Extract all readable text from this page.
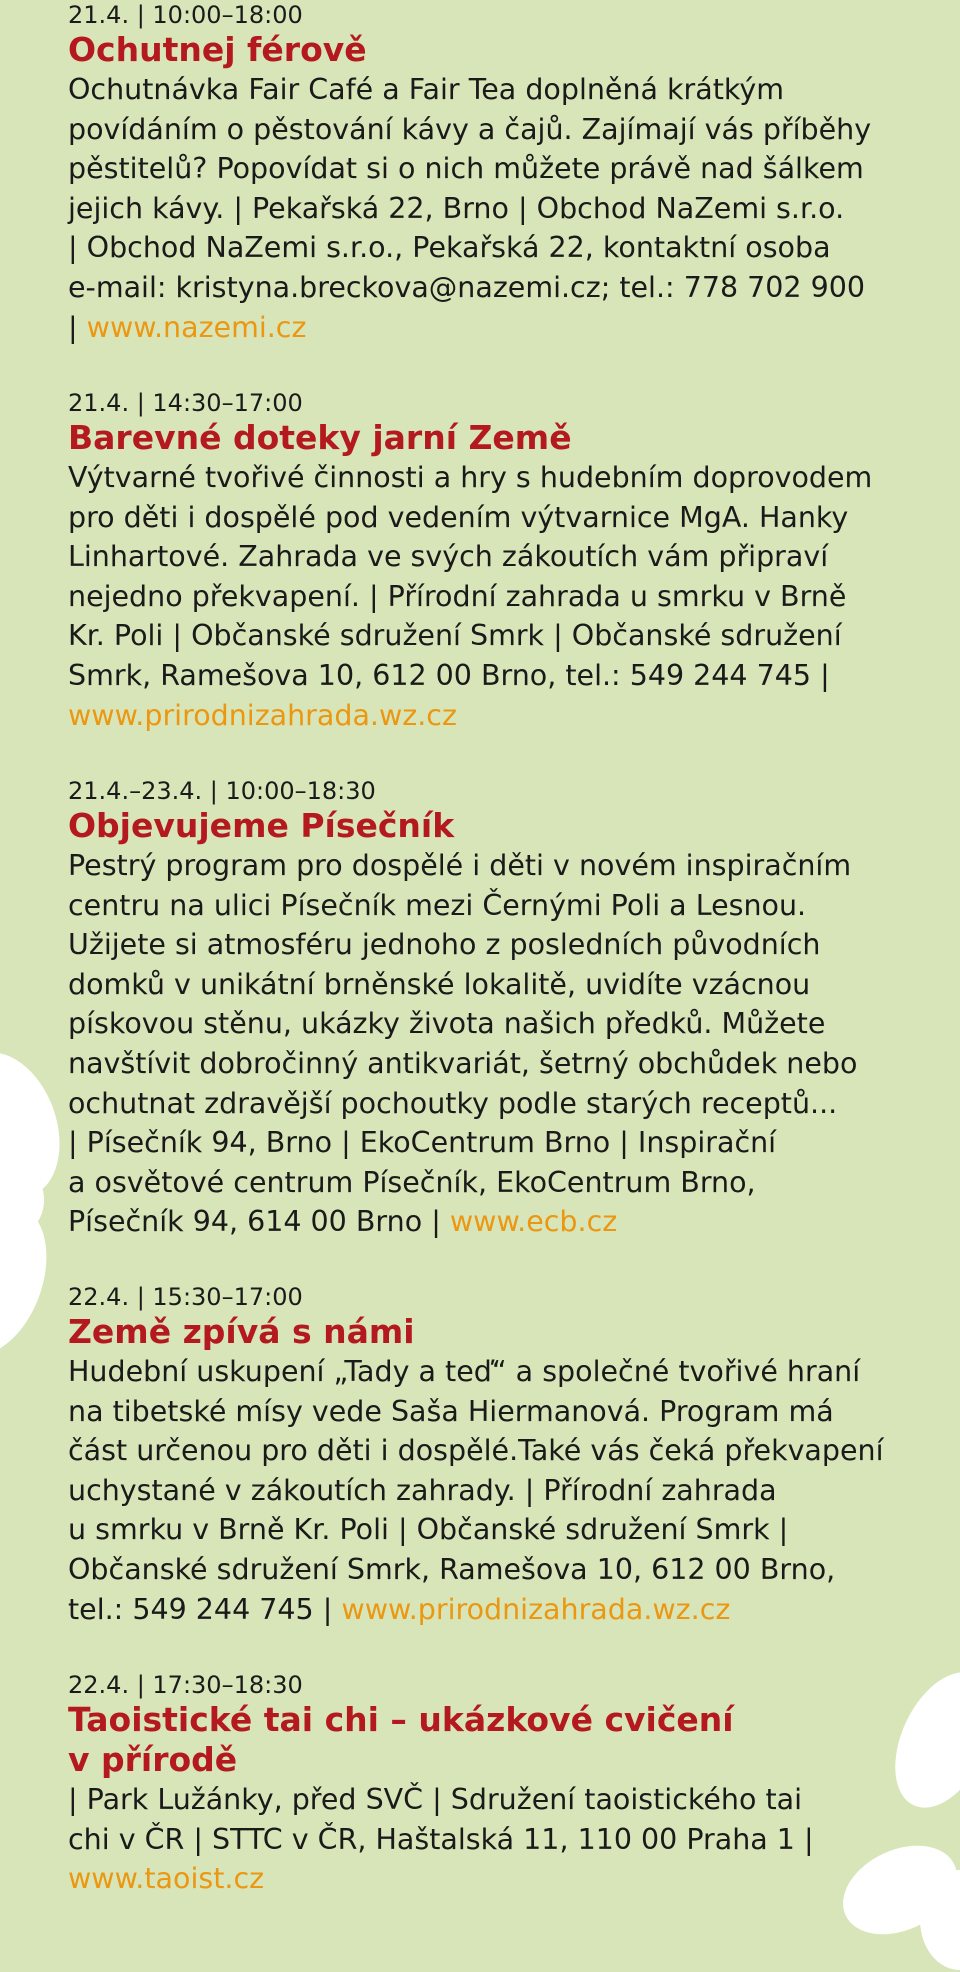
21.4. | 10:00–18:00
Ochutnej férově
Ochutnávka Fair Café a Fair Tea doplněná krátkým
povídáním o pěstování kávy a čajů. Zajímají vás příběhy
pěstitelů? Popovídat si o nich můžete právě nad šálkem
jejich kávy. | Pekařská 22, Brno | Obchod NaZemi s.r.o.
| Obchod NaZemi s.r.o., Pekařská 22, kontaktní osoba
e-mail: kristyna.breckova@nazemi.cz; tel.: 778 702 900
| www.nazemi.cz
21.4. | 14:30–17:00
Barevné doteky jarní Země
Výtvarné tvořivé činnosti a hry s hudebním doprovodem
pro děti i dospělé pod vedením výtvarnice MgA. Hanky
Linhartové. Zahrada ve svých zákoutích vám připraví
nejedno překvapení. | Přírodní zahrada u smrku v Brně
Kr. Poli | Občanské sdružení Smrk | Občanské sdružení
Smrk, Ramešova 10, 612 00 Brno, tel.: 549 244 745 |
www.prirodnizahrada.wz.cz
21.4.–23.4. | 10:00–18:30
Objevujeme Písečník
Pestrý program pro dospělé i děti v novém inspiračním
centru na ulici Písečník mezi Černými Poli a Lesnou.
Užijete si atmosféru jednoho z posledních původních
domků v unikátní brněnské lokalitě, uvidíte vzácnou
pískovou stěnu, ukázky života našich předků. Můžete
navštívit dobročinný antikvariát, šetrný obchůdek nebo
ochutnat zdravější pochoutky podle starých receptů...
| Písečník 94, Brno | EkoCentrum Brno | Inspirační
a osvětové centrum Písečník, EkoCentrum Brno,
Písečník 94, 614 00 Brno | www.ecb.cz
22.4. | 15:30–17:00
Země zpívá s námi
Hudební uskupení „Tady a teď“ a společné tvořivé hraní
na tibetské mísy vede Saša Hiermanová. Program má
část určenou pro děti i dospělé.Také vás čeká překvapení
uchystané v zákoutích zahrady. | Přírodní zahrada
u smrku v Brně Kr. Poli | Občanské sdružení Smrk |
Občanské sdružení Smrk, Ramešova 10, 612 00 Brno,
tel.: 549 244 745 | www.prirodnizahrada.wz.cz
22.4. | 17:30–18:30
Taoistické tai chi – ukázkové cvičení
v přírodě
| Park Lužánky, před SVČ | Sdružení taoistického tai
chi v ČR | STTC v ČR, Haštalská 11, 110 00 Praha 1 |
www.taoist.cz
